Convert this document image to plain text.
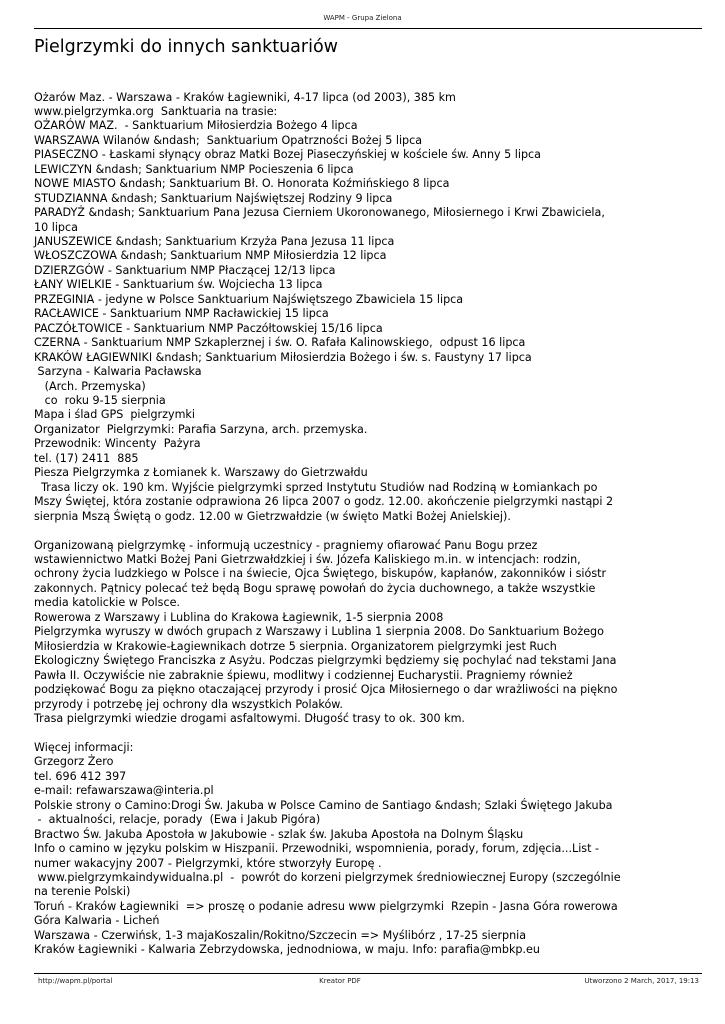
WAPM - Grupa Zielona
Pielgrzymki do innych sanktuariów
Ożarów Maz. - Warszawa - Kraków Łagiewniki, 4-17 lipca (od 2003), 385 km
www.pielgrzymka.org  Sanktuaria na trasie:
OŻARÓW MAZ.  - Sanktuarium Miłosierdzia Bożego 4 lipca
WARSZAWA Wilanów &ndash;  Sanktuarium Opatrzności Bożej 5 lipca
PIASECZNO - Łaskami słynący obraz Matki Bozej Piaseczyńskiej w kościele św. Anny 5 lipca
LEWICZYN &ndash; Sanktuarium NMP Pocieszenia 6 lipca
NOWE MIASTO &ndash; Sanktuarium Bł. O. Honorata Koźmińskiego 8 lipca
STUDZIANNA &ndash; Sanktuarium Najświętszej Rodziny 9 lipca
PARADYŻ &ndash; Sanktuarium Pana Jezusa Cierniem Ukoronowanego, Miłosiernego i Krwi Zbawiciela,
10 lipca
JANUSZEWICE &ndash; Sanktuarium Krzyża Pana Jezusa 11 lipca
WŁOSZCZOWA &ndash; Sanktuarium NMP Miłosierdzia 12 lipca
DZIERZGÓW - Sanktuarium NMP Płaczącej 12/13 lipca
ŁANY WIELKIE - Sanktuarium św. Wojciecha 13 lipca
PRZEGINIA - jedyne w Polsce Sanktuarium Najświętszego Zbawiciela 15 lipca
RACŁAWICE - Sanktuarium NMP Racławickiej 15 lipca
PACZÓŁTOWICE - Sanktuarium NMP Paczółtowskiej 15/16 lipca
CZERNA - Sanktuarium NMP Szkaplerznej i św. O. Rafała Kalinowskiego,  odpust 16 lipca
KRAKÓW ŁAGIEWNIKI &ndash; Sanktuarium Miłosierdzia Bożego i św. s. Faustyny 17 lipca
Sarzyna - Kalwaria Pacławska
(Arch. Przemyska)
co  roku 9-15 sierpnia
Mapa i ślad GPS  pielgrzymki
Organizator  Pielgrzymki: Parafia Sarzyna, arch. przemyska.
Przewodnik: Wincenty  Pażyra
tel. (17) 2411  885
Piesza Pielgrzymka z Łomianek k. Warszawy do Gietrzwałdu
Trasa liczy ok. 190 km. Wyjście pielgrzymki sprzed Instytutu Studiów nad Rodziną w Łomiankach po
Mszy Świętej, która zostanie odprawiona 26 lipca 2007 o godz. 12.00. akończenie pielgrzymki nastąpi 2
sierpnia Mszą Świętą o godz. 12.00 w Gietrzwałdzie (w święto Matki Bożej Anielskiej).
Organizowaną pielgrzymkę - informują uczestnicy - pragniemy ofiarować Panu Bogu przez
wstawiennictwo Matki Bożej Pani Gietrzwałdzkiej i św. Józefa Kaliskiego m.in. w intencjach: rodzin,
ochrony życia ludzkiego w Polsce i na świecie, Ojca Świętego, biskupów, kapłanów, zakonników i sióstr
zakonnych. Pątnicy polecać też będą Bogu sprawę powołań do życia duchownego, a także wszystkie
media katolickie w Polsce.
Rowerowa z Warszawy i Lublina do Krakowa Łagiewnik, 1-5 sierpnia 2008
Pielgrzymka wyruszy w dwóch grupach z Warszawy i Lublina 1 sierpnia 2008. Do Sanktuarium Bożego
Miłosierdzia w Krakowie-Łagiewnikach dotrze 5 sierpnia. Organizatorem pielgrzymki jest Ruch
Ekologiczny Świętego Franciszka z Asyżu. Podczas pielgrzymki będziemy się pochylać nad tekstami Jana
Pawła II. Oczywiście nie zabraknie śpiewu, modlitwy i codziennej Eucharystii. Pragniemy również
podziękować Bogu za piękno otaczającej przyrody i prosić Ojca Miłosiernego o dar wrażliwości na piękno
przyrody i potrzebę jej ochrony dla wszystkich Polaków.
Trasa pielgrzymki wiedzie drogami asfaltowymi. Długość trasy to ok. 300 km.
Więcej informacji:
Grzegorz Żero
tel. 696 412 397
e-mail: refawarszawa@interia.pl
Polskie strony o Camino:Drogi Św. Jakuba w Polsce Camino de Santiago &ndash; Szlaki Świętego Jakuba
-  aktualności, relacje, porady  (Ewa i Jakub Pigóra)
Bractwo Św. Jakuba Apostoła w Jakubowie - szlak św. Jakuba Apostoła na Dolnym Śląsku
Info o camino w języku polskim w Hiszpanii. Przewodniki, wspomnienia, porady, forum, zdjęcia...List -
numer wakacyjny 2007 - Pielgrzymki, które stworzyły Europę .
www.pielgrzymkaindywidualna.pl  -  powrót do korzeni pielgrzymek średniowiecznej Europy (szczególnie
na terenie Polski)
Toruń - Kraków Łagiewniki  => proszę o podanie adresu www pielgrzymki  Rzepin - Jasna Góra rowerowa
Góra Kalwaria - Licheń
Warszawa - Czerwińsk, 1-3 majaKoszalin/Rokitno/Szczecin => Myślibórz , 17-25 sierpnia
Kraków Łagiewniki - Kalwaria Zebrzydowska, jednodniowa, w maju. Info: parafia@mbkp.eu
http://wapm.pl/portal	Kreator PDF	Utworzono 2 March, 2017, 19:13
